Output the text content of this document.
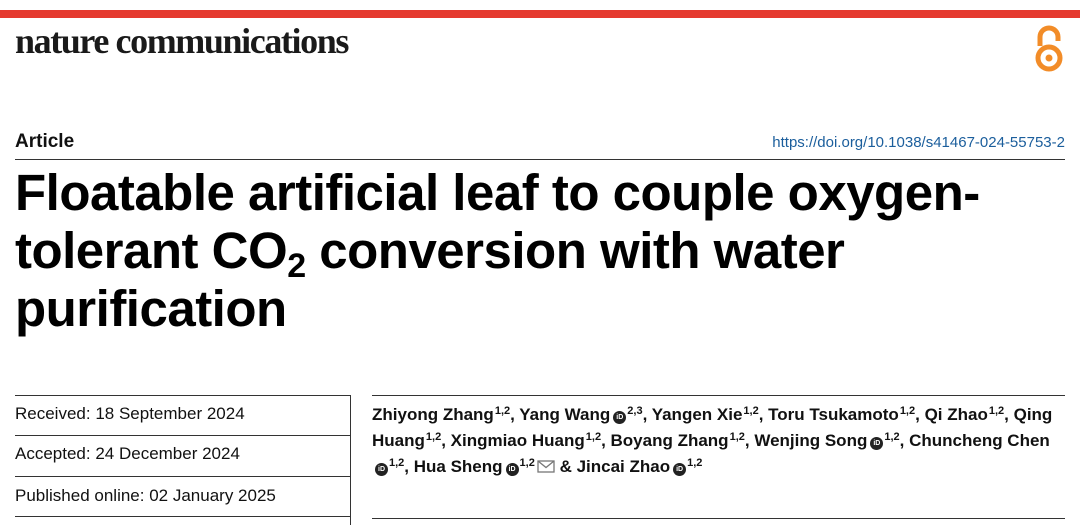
nature communications
Article	https://doi.org/10.1038/s41467-024-55753-2
Floatable artificial leaf to couple oxygen-tolerant $CO_2$ conversion with water purification
Received: 18 September 2024
Accepted: 24 December 2024
Published online: 02 January 2025

Zhiyong Zhang$^{1,2}$, Yang Wang iD$^{2,3}$, Yangen Xie$^{1,2}$, Toru Tsukamoto$^{1,2}$, Qi Zhao$^{1,2}$, Qing Huang$^{1,2}$, Xingmiao Huang$^{1,2}$, Boyang Zhang$^{1,2}$, Wenjing Song iD$^{1,2}$, Chuncheng CheniD$^{1,2}$, Hua Sheng iD$^{1,2}$ & Jincai Zhao iD$^{1,2}$
